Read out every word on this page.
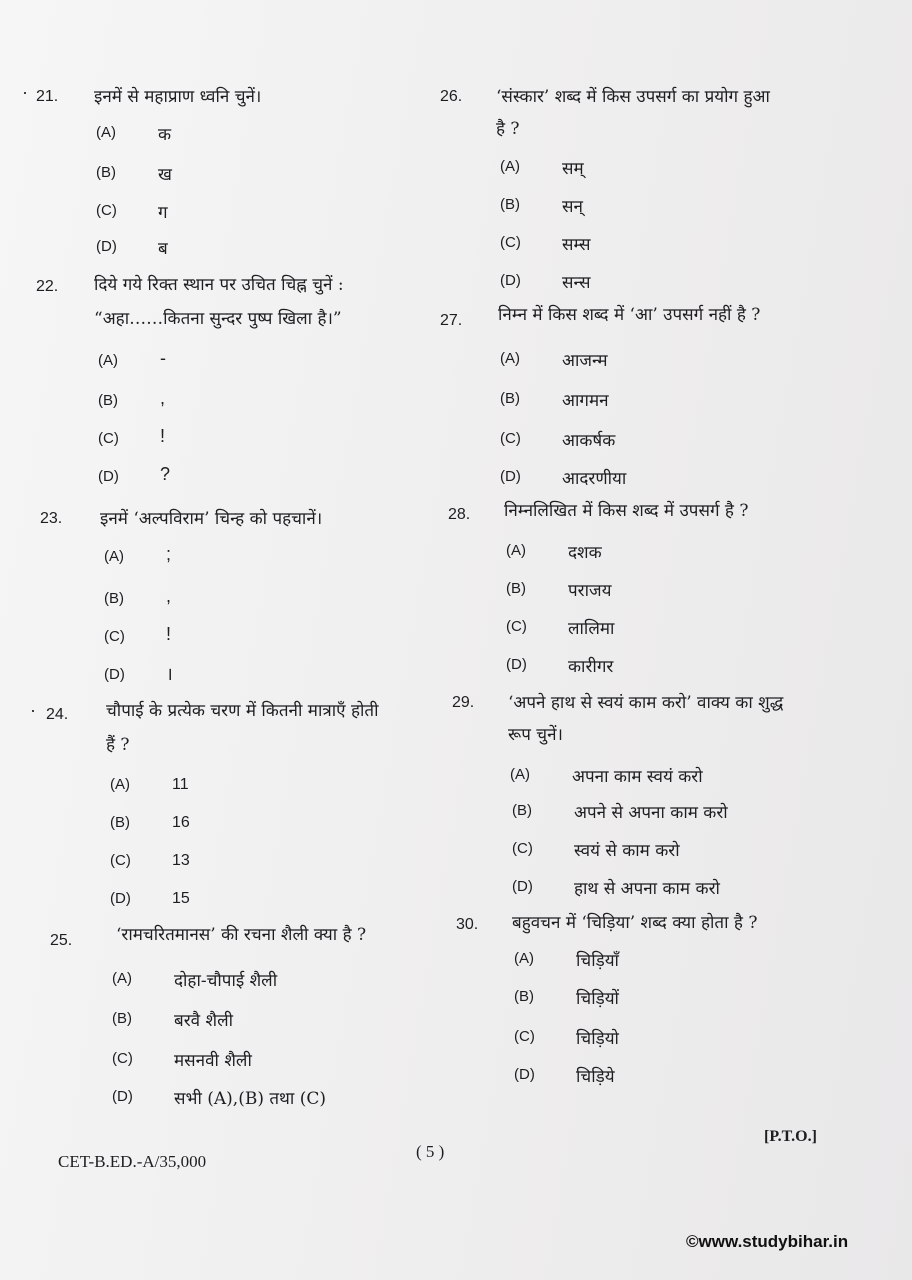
·
·
21. इनमें से महाप्राण ध्वनि चुनें।
(A) क
(B) ख
(C) ग
(D) ब
22. दिये गये रिक्त स्थान पर उचित चिह्न चुनें :
“अहा……कितना सुन्दर पुष्प खिला है।”
(A) -
(B) ,
(C) !
(D) ?
23. इनमें ‘अल्पविराम’ चिन्ह को पहचानें।
(A) ;
(B) ,
(C) !
(D) ।
24. चौपाई के प्रत्येक चरण में कितनी मात्राएँ होती
हैं ?
(A)	11
(B)	16
(C)	13
(D)	15
25.	‘रामचरितमानस’ की रचना शैली क्या है ?
(A) दोहा-चौपाई शैली
(B) बरवै शैली
(C) मसनवी शैली
(D) सभी (A),(B) तथा (C)
26. ‘संस्कार’ शब्द में किस उपसर्ग का प्रयोग हुआ
है ?
(A) सम्
(B) सन्
(C) सम्स
(D) सन्स
27. निम्न में किस शब्द में ‘आ’ उपसर्ग नहीं है ?
(A) आजन्म
(B) आगमन
(C) आकर्षक
(D) आदरणीया
28. निम्नलिखित में किस शब्द में उपसर्ग है ?
(A) दशक
(B) पराजय
(C) लालिमा
(D) कारीगर
29. ‘अपने हाथ से स्वयं काम करो’ वाक्य का शुद्ध
रूप चुनें।
(A) अपना काम स्वयं करो
(B) अपने से अपना काम करो
(C) स्वयं से काम करो
(D) हाथ से अपना काम करो
30. बहुवचन में ‘चिड़िया’ शब्द क्या होता है ?
(A) चिड़ियाँ
(B) चिड़ियों
(C) चिड़ियो
(D) चिड़िये
CET-B.ED.-A/35,000
( 5 )
[P.T.O.]
©www.studybihar.in
